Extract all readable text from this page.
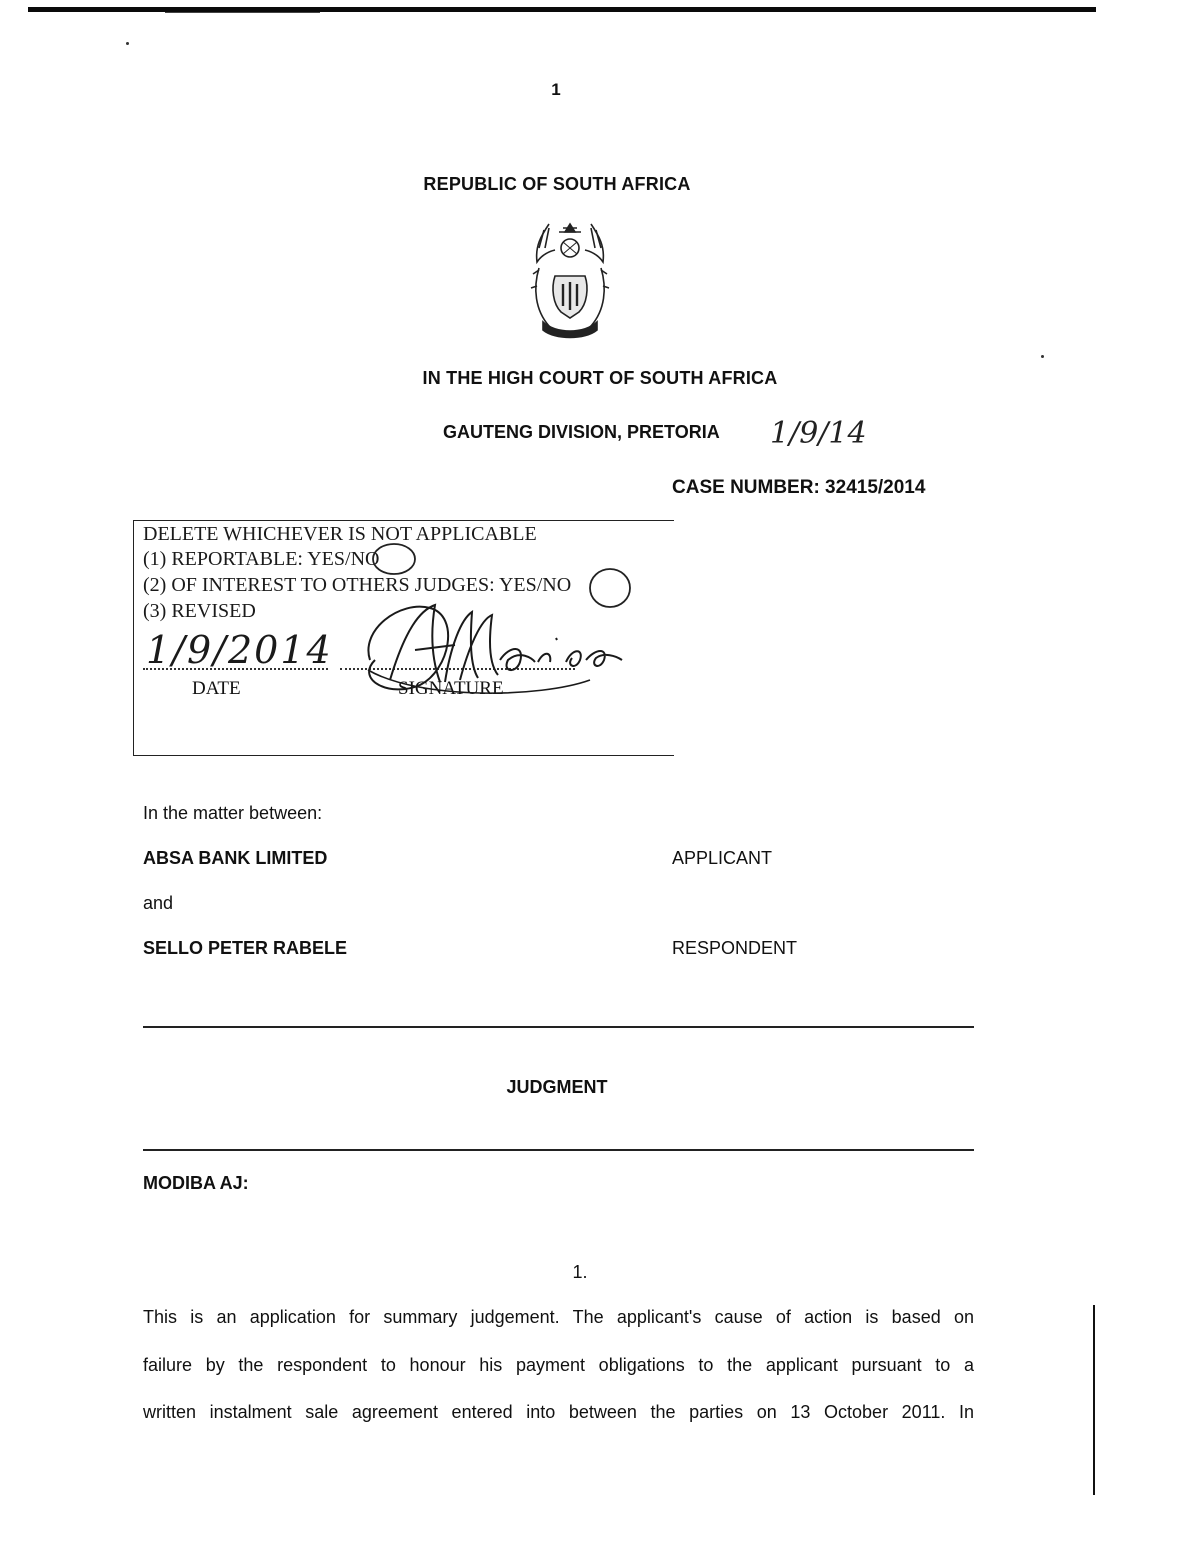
1
REPUBLIC OF SOUTH AFRICA
IN THE HIGH COURT OF SOUTH AFRICA
GAUTENG DIVISION, PRETORIA 1/9/14
CASE NUMBER: 32415/2014
DELETE WHICHEVER IS NOT APPLICABLE
(1) REPORTABLE: YES/NO
(2) OF INTEREST TO OTHERS JUDGES: YES/NO
(3) REVISED
1/9/2014
DATE	SIGNATURE
In the matter between:
ABSA BANK LIMITED	APPLICANT
and
SELLO PETER RABELE	RESPONDENT
JUDGMENT
MODIBA AJ:
1.
This is an application for summary judgement. The applicant's cause of action is based on
failure by the respondent to honour his payment obligations to the applicant pursuant to a
written instalment sale agreement entered into between the parties on 13 October 2011. In
